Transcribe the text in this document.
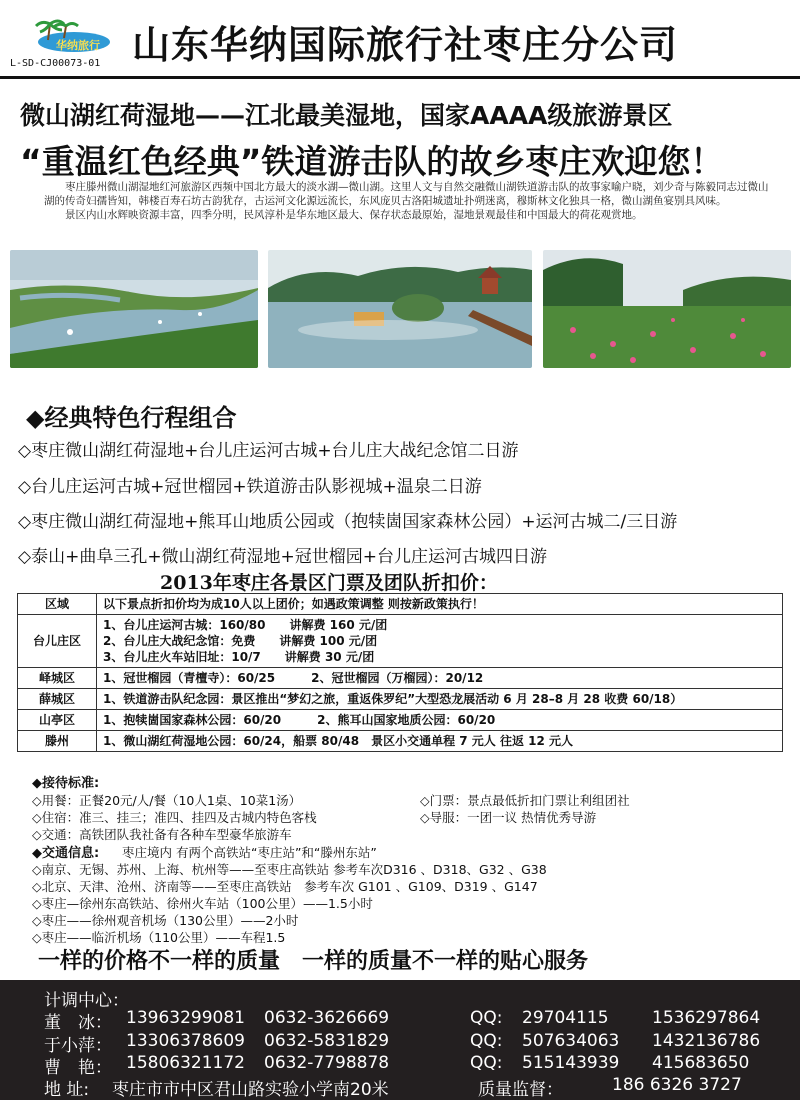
华纳旅行
L-SD-CJ00073-01 山东华纳国际旅行社枣庄分公司
微山湖红荷湿地——江北最美湿地，国家AAAA级旅游景区
“重温红色经典”铁道游击队的故乡枣庄欢迎您！

枣庄滕州微山湖湿地红河旅游区西频中国北方最大的淡水湖—微山湖。这里人文与自然交融微山湖铁道游击队的故事家喻户晓，刘少奇与陈毅同志过微山湖的传奇妇孺皆知，韩楼百寿石坊古韵犹存，古运河文化源远流长，东风庞贝古洛阳城遗址扑朔迷离，穆斯林文化独具一格，微山湖鱼宴别具风味。

景区内山水辉映资源丰富，四季分明，民风淳朴是华东地区最大、保存状态最原始，湿地景观最佳和中国最大的荷花观赏地。

◆经典特色行程组合
◇枣庄微山湖红荷湿地+台儿庄运河古城+台儿庄大战纪念馆二日游
◇台儿庄运河古城+冠世榴园+铁道游击队影视城+温泉二日游
◇枣庄微山湖红荷湿地+熊耳山地质公园或（抱犊崮国家森林公园）+运河古城二/三日游
◇泰山+曲阜三孔+微山湖红荷湿地+冠世榴园+台儿庄运河古城四日游
2013年枣庄各景区门票及团队折扣价：
区域	以下景点折扣价均为成10人以上团价；如遇政策调整 则按新政策执行！
台儿庄区	1、台儿庄运河古城：160/80　　讲解费 160 元/团
2、台儿庄大战纪念馆：免费　　讲解费 100 元/团
3、台儿庄火车站旧址：10/7　　讲解费 30 元/团

峄城区	1、冠世榴园（青檀寺）：60/25　　　2、冠世榴园（万榴园）：20/12

薛城区	1、铁道游击队纪念园：景区推出“梦幻之旅，重返侏罗纪”大型恐龙展活动 6 月 28–8 月 28 收费 60/18）

山亭区	1、抱犊崮国家森林公园：60/20　　　2、熊耳山国家地质公园：60/20

滕州	1、微山湖红荷湿地公园：60/24，船票 80/48　景区小交通单程 7 元人 往返 12 元人
◆接待标准:
◇用餐：正餐20元/人/餐（10人1桌、10菜1汤）	◇门票：景点最低折扣门票让利组团社
◇住宿：准三、挂三；准四、挂四及古城内特色客栈	◇导服：一团一议 热情优秀导游
◇交通：高铁团队我社备有各种车型豪华旅游车
◆交通信息: 枣庄境内 有两个高铁站“枣庄站”和“滕州东站”
◇南京、无锡、苏州、上海、杭州等——至枣庄高铁站 参考车次D316 、D318、G32 、G38
◇北京、天津、沧州、济南等——至枣庄高铁站　参考车次 G101 、G109、D319 、G147
◇枣庄—徐州东高铁站、徐州火车站（100公里）——1.5小时
◇枣庄——徐州观音机场（130公里）——2小时
◇枣庄——临沂机场（110公里）——车程1.5
一样的价格不一样的质量　一样的质量不一样的贴心服务
计调中心：
董　冰： 13963299081 0632-3626669	QQ: 29704115	1536297864
于小萍： 13306378609 0632-5831829	QQ: 507634063 1432136786
曹　艳： 15806321172 0632-7798878	QQ: 515143939 415683650
地 址: 枣庄市市中区君山路实验小学南20米	质量监督：	186 6326 3727
